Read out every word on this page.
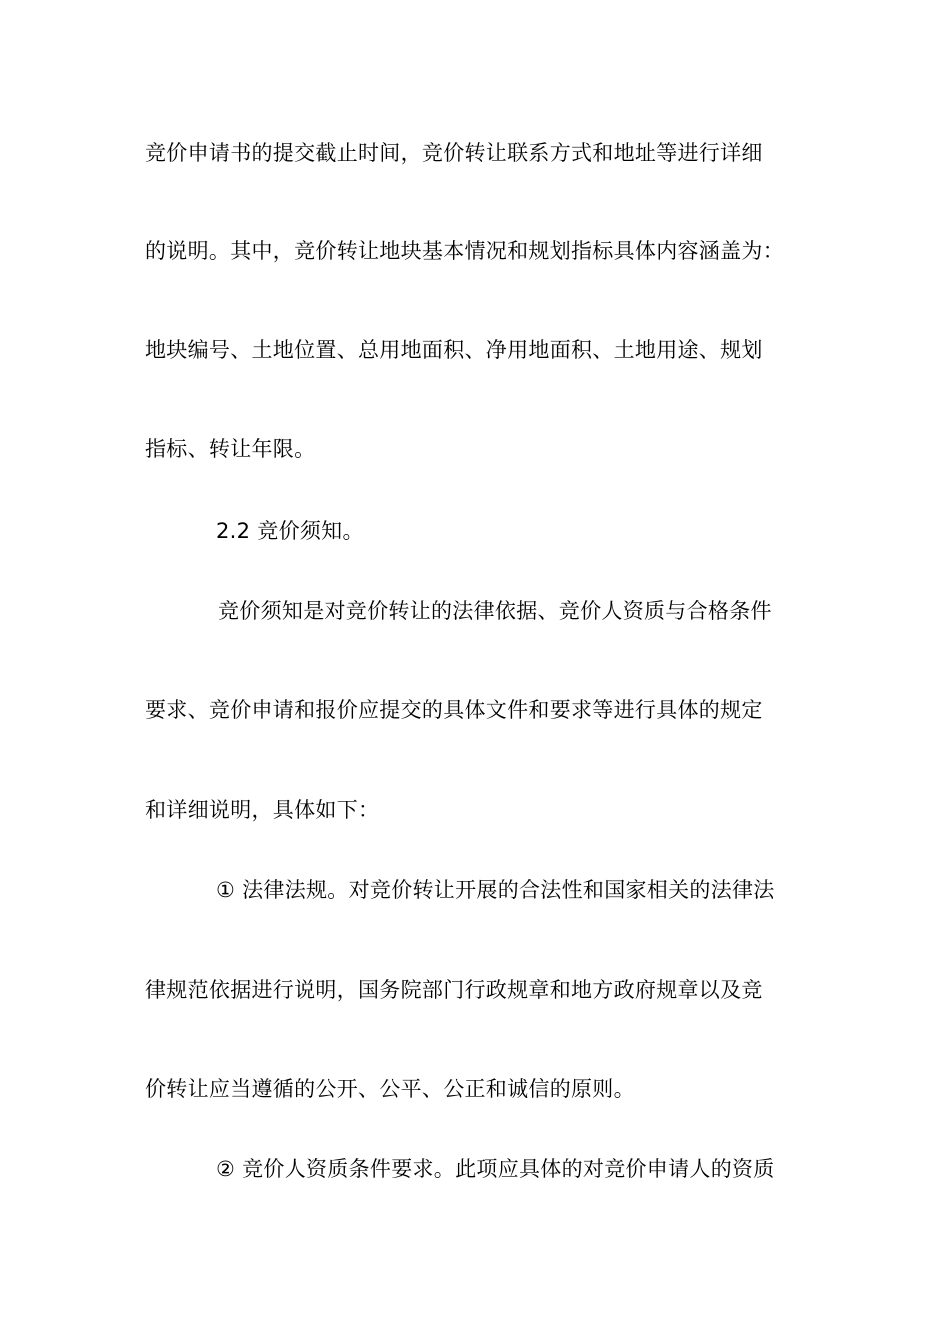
竞价申请书的提交截止时间，竞价转让联系方式和地址等进行详细
的说明。其中，竞价转让地块基本情况和规划指标具体内容涵盖为：
地块编号、土地位置、总用地面积、净用地面积、土地用途、规划
指标、转让年限。
2.2 竞价须知。
竞价须知是对竞价转让的法律依据、竞价人资质与合格条件
要求、竞价申请和报价应提交的具体文件和要求等进行具体的规定
和详细说明，具体如下：
① 法律法规。对竞价转让开展的合法性和国家相关的法律法
律规范依据进行说明，国务院部门行政规章和地方政府规章以及竞
价转让应当遵循的公开、公平、公正和诚信的原则。
② 竞价人资质条件要求。此项应具体的对竞价申请人的资质
